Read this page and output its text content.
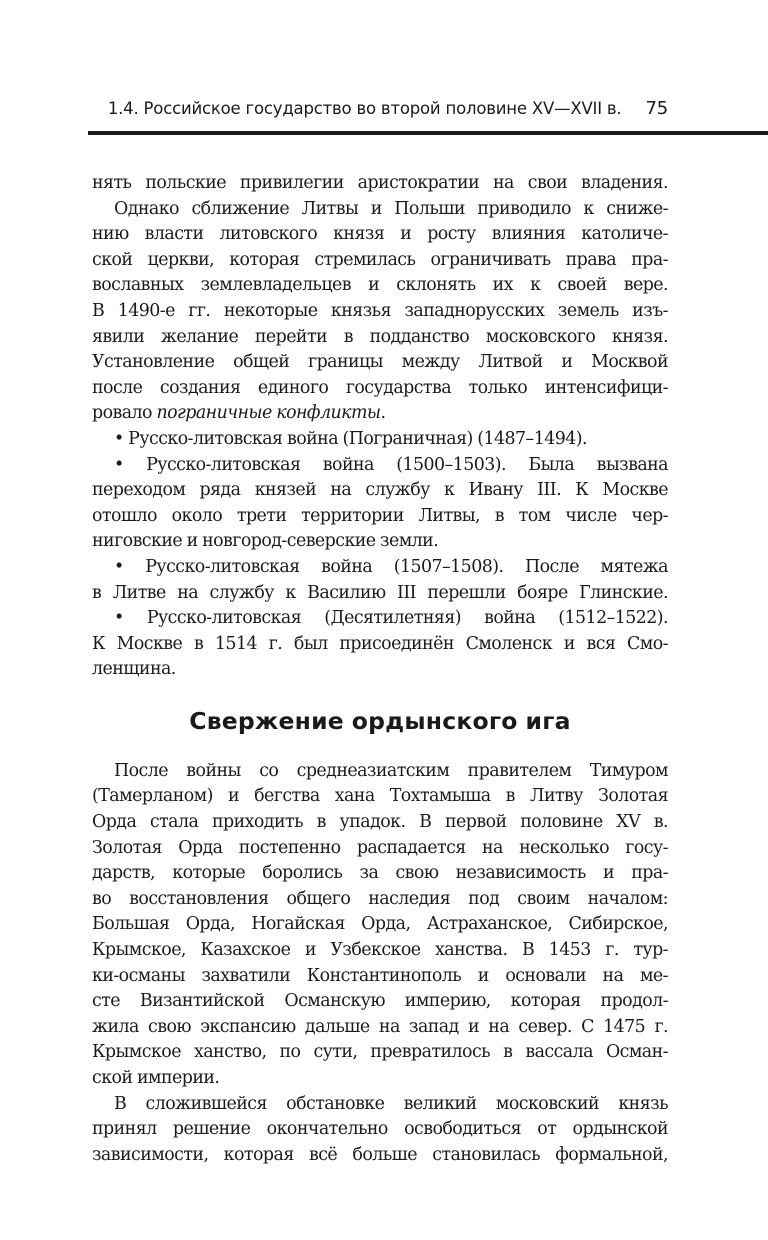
1.4. Российское государство во второй половине XV—XVII в. 75
нять польские привилегии аристократии на свои владения.
Однако сближение Литвы и Польши приводило к сниже-
нию власти литовского князя и росту влияния католиче-
ской церкви, которая стремилась ограничивать права пра-
вославных землевладельцев и склонять их к своей вере.
В 1490-е гг. некоторые князья западнорусских земель изъ-
явили желание перейти в подданство московского князя.
Установление общей границы между Литвой и Москвой
после создания единого государства только интенсифици-
ровало пограничные конфликты.
• Русско-литовская война (Пограничная) (1487–1494).
• Русско-литовская война (1500–1503). Была вызвана
переходом ряда князей на службу к Ивану III. К Москве
отошло около трети территории Литвы, в том числе чер-
ниговские и новгород-северские земли.
• Русско-литовская война (1507–1508). После мятежа
в Литве на службу к Василию III перешли бояре Глинские.
• Русско-литовская (Десятилетняя) война (1512–1522).
К Москве в 1514 г. был присоединён Смоленск и вся Смо-
ленщина.
Свержение ордынского ига
После войны со среднеазиатским правителем Тимуром
(Тамерланом) и бегства хана Тохтамыша в Литву Золотая
Орда стала приходить в упадок. В первой половине XV в.
Золотая Орда постепенно распадается на несколько госу-
дарств, которые боролись за свою независимость и пра-
во восстановления общего наследия под своим началом:
Большая Орда, Ногайская Орда, Астраханское, Сибирское,
Крымское, Казахское и Узбекское ханства. В 1453 г. тур-
ки-османы захватили Константинополь и основали на ме-
сте Византийской Османскую империю, которая продол-
жила свою экспансию дальше на запад и на север. С 1475 г.
Крымское ханство, по сути, превратилось в вассала Осман-
ской империи.
В сложившейся обстановке великий московский князь
принял решение окончательно освободиться от ордынской
зависимости, которая всё больше становилась формальной,
